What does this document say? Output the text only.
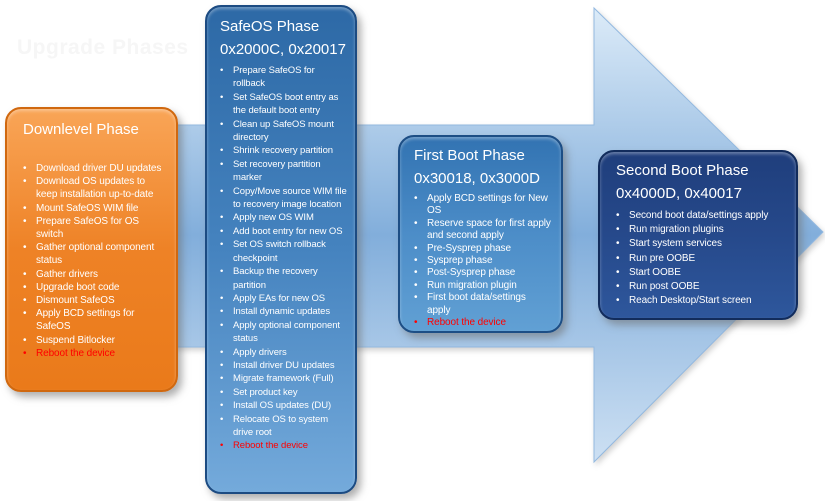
Upgrade Phases
Downlevel Phase
• Download driver DU updates
• Download OS updates to keep installation up-to-date
• Mount SafeOS WIM file
• Prepare SafeOS for OS switch
• Gather optional component status
• Gather drivers
• Upgrade boot code
• Dismount SafeOS
• Apply BCD settings for SafeOS
• Suspend Bitlocker
• Reboot the device
SafeOS Phase
0x2000C, 0x20017
•	Prepare SafeOS for rollback
•	Set SafeOS boot entry as the default boot entry
•	Clean up SafeOS mount directory
•	Shrink recovery partition
•	Set recovery partition marker
•	Copy/Move source WIM file to recovery image location
•	Apply new OS WIM
•	Add boot entry for new OS
•	Set OS switch rollback checkpoint
•	Backup the recovery partition
•	Apply EAs for new OS
•	Install dynamic updates
•	Apply optional component status
•	Apply drivers
•	Install driver DU updates
•	Migrate framework (Full)
•	Set product key
•	Install OS updates (DU)
•	Relocate OS to system drive root
•	Reboot the device
First Boot Phase
0x30018, 0x3000D
• Apply BCD settings for New OS
• Reserve space for first apply and second apply
• Pre-Sysprep phase
• Sysprep phase
• Post-Sysprep phase
• Run migration plugin
• First boot data/settings apply
• Reboot the device
Second Boot Phase
0x4000D, 0x40017
• Second boot data/settings apply
• Run migration plugins
• Start system services
• Run pre OOBE
• Start OOBE
• Run post OOBE
• Reach Desktop/Start screen
